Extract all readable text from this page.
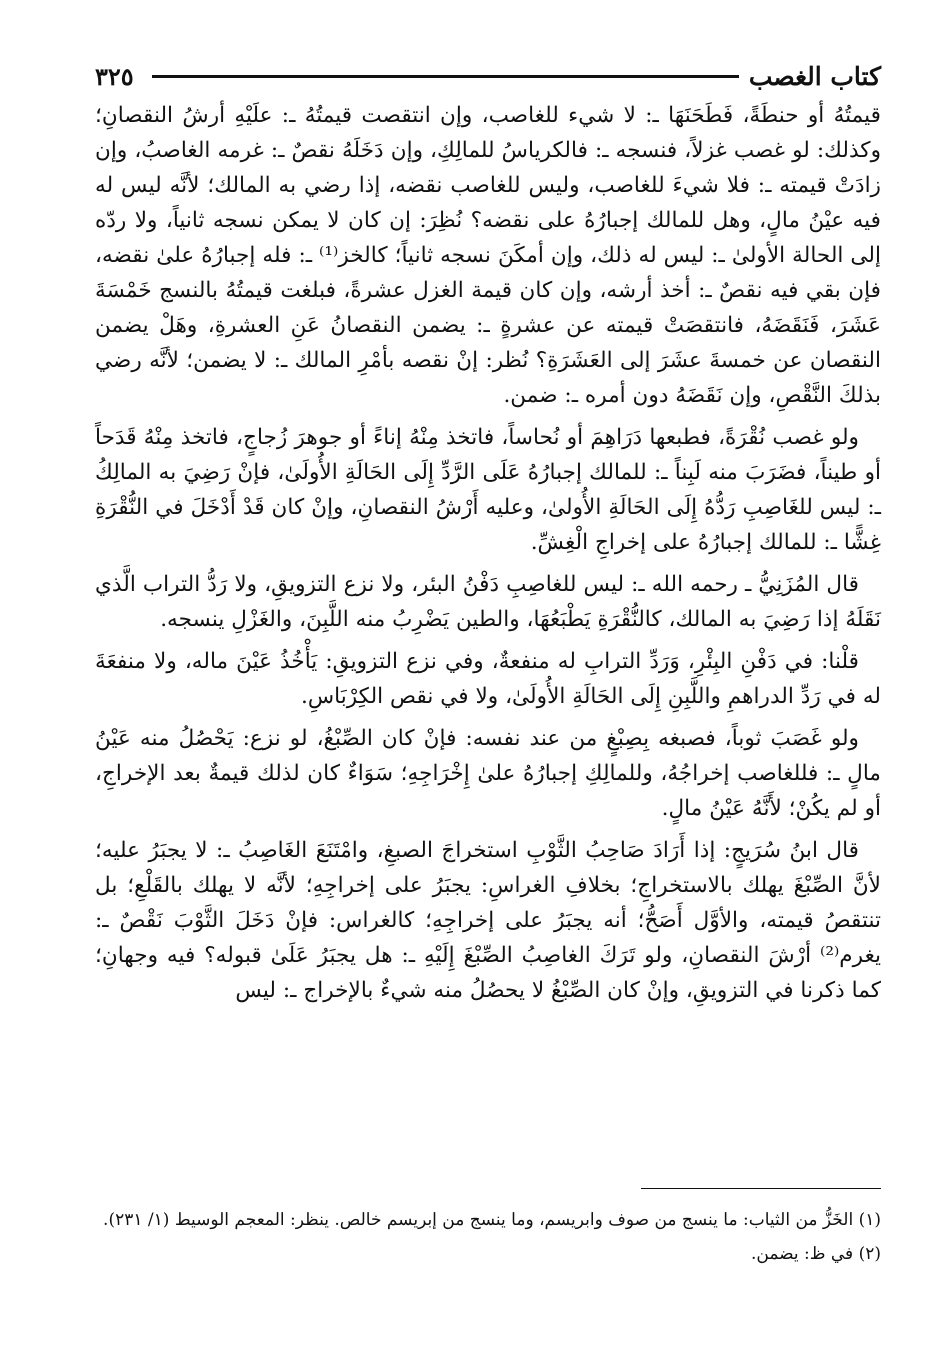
٣٢٥	كتاب الغصب

قيمتُهُ أو حنطَةً، فَطَحَنَهَا ـ: لا شيء للغاصب، وإن انتقصت قيمتُهُ ـ: علَيْهِ أرشُ النقصانِ؛ وكذلك: لو غصب غزلاً، فنسجه ـ: فالكرياسُ للمالِكِ، وإن دَخَلَهُ نقصٌ ـ: غرمه الغاصبُ، وإن زادَتْ قيمته ـ: فلا شيءَ للغاصب، وليس للغاصب نقضه، إذا رضي به المالك؛ لأنَّه ليس له فيه عيْنُ مالٍ، وهل للمالك إجبارُهُ على نقضه؟ نُظِرَ: إن كان لا يمكن نسجه ثانياً، ولا ردّه إلى الحالة الأولىٰ ـ: ليس له ذلك، وإن أمكَنَ نسجه ثانياً؛ كالخز⁽¹⁾ ـ: فله إجبارُهُ علىٰ نقضه، فإن بقي فيه نقصٌ ـ: أخذ أرشه، وإن كان قيمة الغزل عشرةً، فبلغت قيمتُهُ بالنسج خَمْسَةَ عَشَرَ، فَنَقَضَهُ، فانتقصَتْ قيمته عن عشرةٍ ـ: يضمن النقصانُ عَنِ العشرةِ، وهَلْ يضمن النقصان عن خمسةَ عشَرَ إلى العَشَرَةِ؟ نُظر: إنْ نقصه بأمْرِ المالك ـ: لا يضمن؛ لأنَّه رضي بذلكَ النَّقْصِ، وإن نَقَضَهُ دون أمره ـ: ضمن.

ولو غصب نُقْرَةً، فطبعها دَرَاهِمَ أو نُحاساً، فاتخذ مِنْهُ إناءً أو جوهرَ زُجاجٍ، فاتخذ مِنْهُ قَدَحاً أو طيناً، فضَرَبَ منه لَبِناً ـ: للمالك إجبارُهُ عَلَى الرَّدِّ إِلَى الحَالَةِ الأُولَىٰ، فإنْ رَضِيَ به المالِكُ ـ: ليس للغَاصِبِ رَدُّهُ إِلَى الحَالَةِ الأُولىٰ، وعليه أَرْشُ النقصانِ، وإنْ كان قَدْ أَدْخَلَ في النُّقْرَةِ غِشًّا ـ: للمالك إجبارُهُ على إخراجِ الْغِشِّ.

قال المُزَنِيُّ ـ رحمه الله ـ: ليس للغاصِبِ دَفْنُ البئر، ولا نزع التزويقِ، ولا رَدُّ التراب الَّذي نَقَلَهُ إذا رَضِيَ به المالك، كالنُّقْرَةِ يَطْبَعُهَا، والطين يَضْرِبُ منه اللَّبِنَ، والغَزْلِ ينسجه.

قلْنا: في دَفْنِ البِئْرِ، وَرَدِّ الترابِ له منفعةٌ، وفي نزع التزويقِ: يَأْخُذُ عَيْنَ ماله، ولا منفعَةَ له في رَدِّ الدراهمِ واللَّبِنِ إِلَى الحَالَةِ الأُولَىٰ، ولا في نقص الكِرْبَاسِ.

ولو غَصَبَ ثوباً، فصبغه بِصِبْغٍ من عند نفسه: فإنْ كان الصِّبْغُ، لو نزع: يَحْصُلُ منه عَيْنُ مالٍ ـ: فللغاصب إخراجُهُ، وللمالِكِ إجبارُهُ علىٰ إِخْرَاجِهِ؛ سَوَاءٌ كان لذلك قيمةٌ بعد الإخراجِ، أو لم يكُنْ؛ لأَنَّهُ عَيْنُ مالٍ.

قال ابنُ سُرَيجٍ: إذا أَرَادَ صَاحِبُ الثَّوْبِ استخراجَ الصبغِ، وامْتَنَعَ الغَاصِبُ ـ: لا يجبَرُ عليه؛ لأنَّ الصِّبْغَ يهلك بالاستخراجِ؛ بخلافِ الغراسِ: يجبَرُ على إخراجِهِ؛ لأنَّه لا يهلك بالقَلْعِ؛ بل تنتقصُ قيمته، والأوَّل أَصَحُّ؛ أنه يجبَرُ على إخراجِهِ؛ كالغراس: فإنْ دَخَلَ الثَّوْبَ نَقْصٌ ـ: يغرم⁽²⁾ أرْشَ النقصانِ، ولو تَرَكَ الغاصِبُ الصِّبْغَ إِلَيْهِ ـ: هل يجبَرُ عَلَىٰ قبوله؟ فيه وجهانِ؛ كما ذكرنا في التزويقِ، وإنْ كان الصِّبْغُ لا يحصُلُ منه شيءٌ بالإخراج ـ: ليس

(١) الخَزُّ من الثياب: ما ينسج من صوف وابريسم، وما ينسج من إبريسم خالص. ينظر: المعجم الوسيط (١/ ٢٣١).

(٢) في ظ: يضمن.
